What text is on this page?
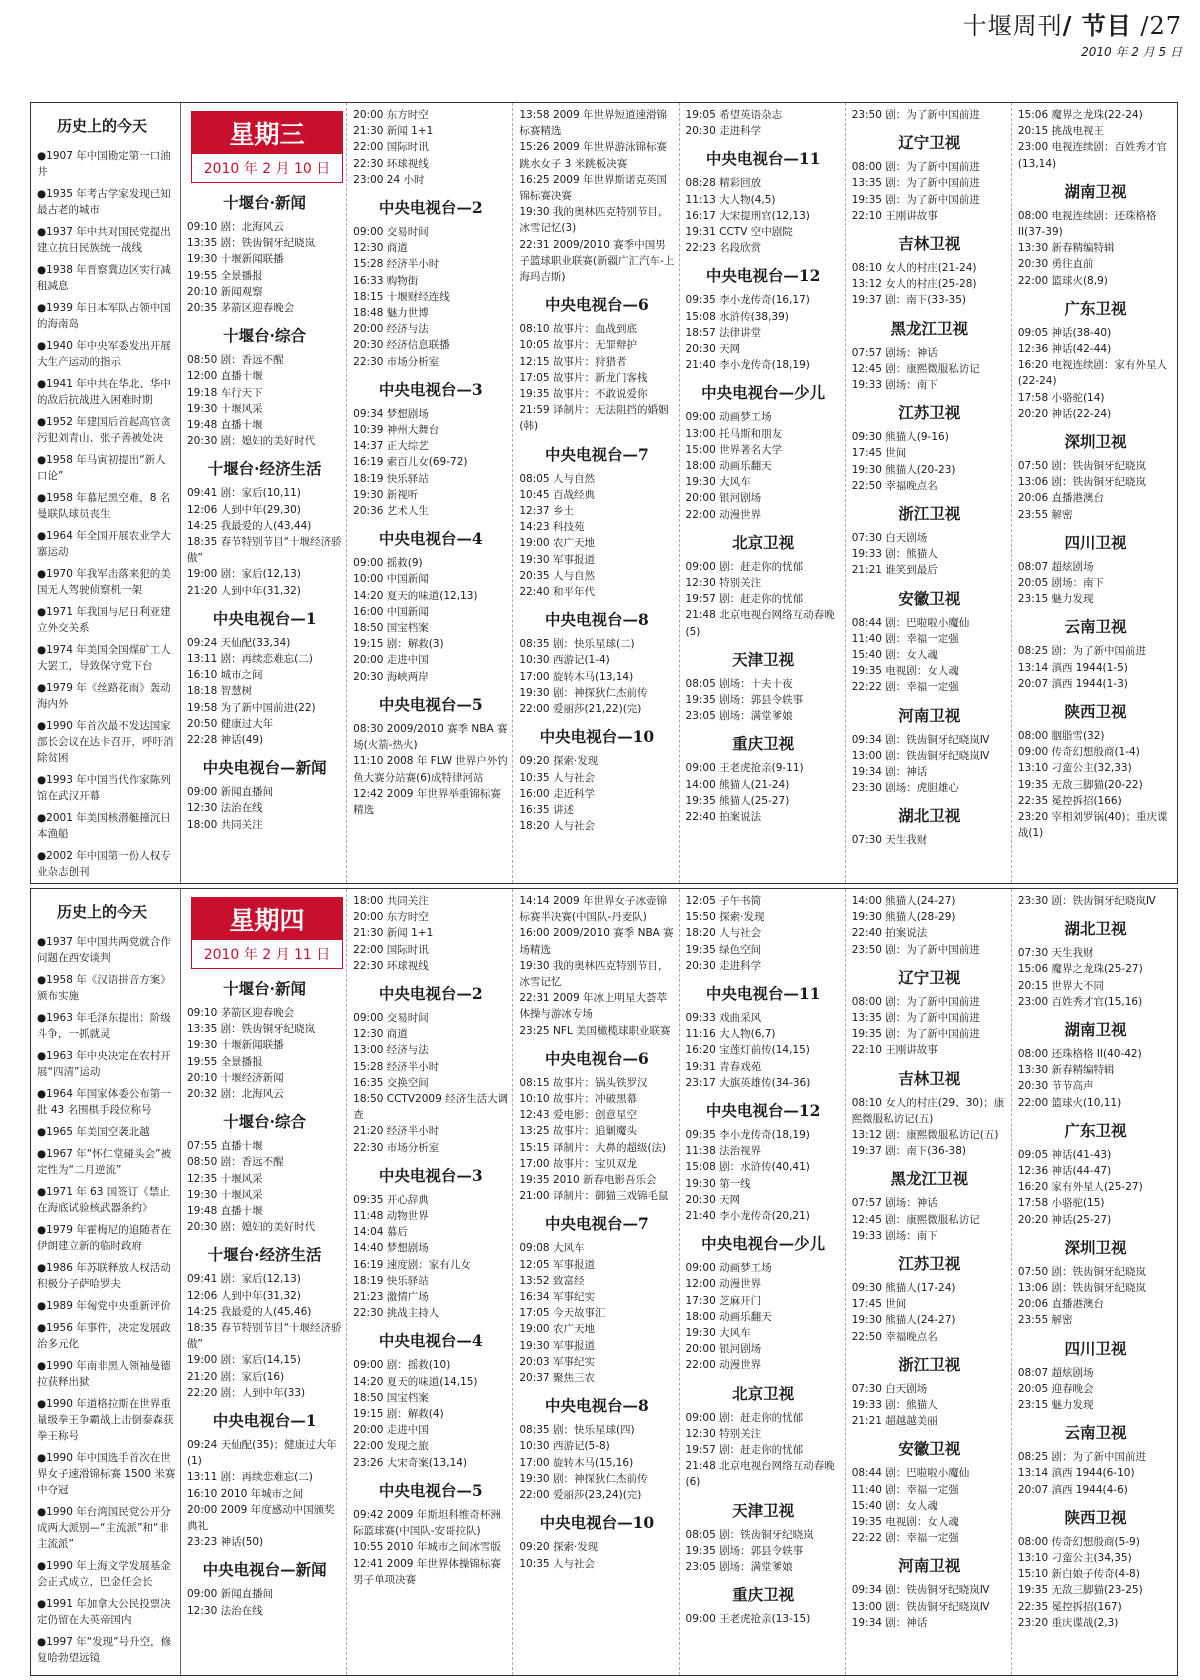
十堰周刊/ 节目 /27
2010 年 2 月 5 日
历史上的今天

●1907 年中国勘定第一口油井

●1935 年考古学家发现已知最古老的城市

●1937 年中共对国民党提出建立抗日民族统一战线

●1938 年晋察冀边区实行减租减息

●1939 年日本军队占领中国的海南岛

●1940 年中央军委发出开展大生产运动的指示

●1941 年中共在华北、华中的敌后抗战进入困难时期

●1952 年建国后首起高官贪污犯刘青山、张子善被处决

●1958 年马寅初提出“新人口论”

●1958 年慕尼黑空难，8 名曼联队球员丧生

●1964 年全国开展农业学大寨运动

●1970 年我军击落来犯的美国无人驾驶侦察机一架

●1971 年我国与尼日利亚建立外交关系

●1974 年美国全国煤矿工人大罢工，导致保守党下台

●1979 年《丝路花雨》轰动海内外

●1990 年首次最不发达国家部长会议在达卡召开，呼吁消除贫困

●1993 年中国当代作家陈列馆在武汉开幕

●2001 年美国核潜艇撞沉日本渔船

●2002 年中国第一份人权专业杂志创刊

星期三
2010 年 2 月 10 日
十堰台·新闻
09:10 剧：北海风云
13:35 剧：铁齿铜牙纪晓岚
19:30 十堰新闻联播
19:55 全景播报
20:10 新闻观察
20:35 茅箭区迎春晚会
十堰台·综合
08:50 剧：香远不醒
12:00 直播十堰
19:18 车行天下
19:30 十堰风采
19:48 直播十堰
20:30 剧：媳妇的美好时代
十堰台·经济生活
09:41 剧：家后(10,11)
12:06 人到中年(29,30)
14:25 我最爱的人(43,44)
18:35 春节特别节目“十堰经济骄傲”
19:00 剧：家后(12,13)
21:20 人到中年(31,32)
中央电视台—1
09:24 天仙配(33,34)
13:11 剧：再续恋难忘(二)
16:10 城市之间
18:18 智慧树
19:58 为了新中国前进(22)
20:50 健康过大年
22:28 神话(49)
中央电视台—新闻
09:00 新闻直播间
12:30 法治在线
18:00 共同关注
20:00 东方时空
21:30 新闻 1+1
22:00 国际时讯
22:30 环球视线
23:00 24 小时
中央电视台—2
09:00 交易时间
12:30 商道
15:28 经济半小时
16:33 购物街
18:15 十堰财经连线
18:48 魅力世博
20:00 经济与法
20:30 经济信息联播
22:30 市场分析室
中央电视台—3
09:34 梦想剧场
10:39 神州大舞台
14:37 正大综艺
16:19 索百儿女(69-72)
18:19 快乐驿站
19:30 新视听
20:36 艺术人生
中央电视台—4
09:00 摇救(9)
10:00 中国新闻
14:20 夏天的味道(12,13)
16:00 中国新闻
18:50 国宝档案
19:15 剧：解救(3)
20:00 走进中国
20:30 海峡两岸
中央电视台—5
08:30 2009/2010 赛季 NBA 赛场(火箭-热火)
11:10 2008 年 FLW 世界户外钓鱼大赛分站赛(6)成特律河站
12:42 2009 年世界举重锦标赛精选
13:58 2009 年世界短道速滑锦标赛精选
15:26 2009 年世界游泳锦标赛跳水女子 3 米跳板决赛
16:25 2009 年世界斯诺克英国锦标赛决赛
19:30 我的奥林匹克特别节目，冰雪记忆(3)
22:31 2009/2010 赛季中国男子篮球职业联赛(新疆广汇汽车-上海玛吉斯)
中央电视台—6
08:10 故事片：血战到底
10:05 故事片：无罪辩护
12:15 故事片：狩猎者
17:05 故事片：新龙门客栈
19:35 故事片：不敢说爱你
21:59 译制片：无法阻挡的婚姻(韩)
中央电视台—7
08:05 人与自然
10:45 百战经典
12:37 乡土
14:23 科技苑
19:00 农广天地
19:30 军事报道
20:35 人与自然
22:40 和平年代
中央电视台—8
08:35 剧：快乐星球(二)
10:30 西游记(1-4)
17:00 旋转木马(13,14)
19:30 剧：神探狄仁杰前传
22:00 爱丽莎(21,22)(完)
中央电视台—10
09:20 探索·发现
10:35 人与社会
16:00 走近科学
16:35 讲述
18:20 人与社会
19:05 希望英语杂志
20:30 走进科学
中央电视台—11
08:28 精彩回放
11:13 大人物(4,5)
16:17 大宋提刑官(12,13)
19:31 CCTV 空中剧院
22:23 名段欣赏
中央电视台—12
09:35 李小龙传奇(16,17)
15:08 水浒传(38,39)
18:57 法律讲堂
20:30 天网
21:40 李小龙传奇(18,19)
中央电视台—少儿
09:00 动画梦工场
13:00 托马斯和朋友
15:00 世界著名大学
18:00 动画乐翻天
19:30 大风车
20:00 银河剧场
22:00 动漫世界
北京卫视
09:00 剧：赶走你的忧郁
12:30 特别关注
19:57 剧：赶走你的忧郁
21:48 北京电视台网络互动春晚(5)
天津卫视
08:05 剧场：十夫十夜
19:35 剧场：郭县令轶事
23:05 剧场：满堂爹娘
重庆卫视
09:00 王老虎抢亲(9-11)
14:00 熊猫人(21-24)
19:35 熊猫人(25-27)
22:40 拍案说法
23:50 剧：为了新中国前进
辽宁卫视
08:00 剧：为了新中国前进
13:35 剧：为了新中国前进
19:35 剧：为了新中国前进
22:10 王刚讲故事
吉林卫视
08:10 女人的村庄(21-24)
13:12 女人的村庄(25-28)
19:37 剧：南下(33-35)
黑龙江卫视
07:57 剧场：神话
12:45 剧：康熙微服私访记
19:33 剧场：南下
江苏卫视
09:30 熊猫人(9-16)
17:45 世间
19:30 熊猫人(20-23)
22:50 幸福晚点名
浙江卫视
07:30 白天剧场
19:33 剧：熊猫人
21:21 谁笑到最后
安徽卫视
08:44 剧：巴啦啦小魔仙
11:40 剧：幸福一定强
15:40 剧：女人魂
19:35 电视剧：女人魂
22:22 剧：幸福一定强
河南卫视
09:34 剧：铁齿铜牙纪晓岚Ⅳ
13:00 剧：铁齿铜牙纪晓岚Ⅳ
19:34 剧：神话
23:30 剧场：虎胆雄心
湖北卫视
07:30 天生我财
15:06 魔界之龙珠(22-24)
20:15 挑战电视王
23:00 电视连续剧：百姓秀才官(13,14)
湖南卫视
08:00 电视连续剧：还珠格格 II(37-39)
13:30 新春精编特辑
20:30 勇往直前
22:00 篮球火(8,9)
广东卫视
09:05 神话(38-40)
12:36 神话(42-44)
16:20 电视连续剧：家有外星人(22-24)
17:58 小骆驼(14)
20:20 神话(22-24)
深圳卫视
07:50 剧：铁齿铜牙纪晓岚
13:06 剧：铁齿铜牙纪晓岚
20:06 直播港澳台
23:55 解密
四川卫视
08:07 超炫剧场
20:05 剧场：南下
23:15 魅力发现
云南卫视
08:25 剧：为了新中国前进
13:14 滇西 1944(1-5)
20:07 滇西 1944(1-3)
陕西卫视
08:00 胭脂雪(32)
09:00 传奇幻想殷商(1-4)
13:10 刁蛮公主(32,33)
19:35 无敌三脚猫(20-22)
22:35 冕控拆招(166)
23:20 宰相刘罗锅(40)；重庆谍战(1)
历史上的今天

●1937 年中国共两党就合作问题在西安谈判

●1958 年《汉语拼音方案》颁布实施

●1963 年毛泽东提出：阶级斗争，一抓就灵

●1963 年中央决定在农村开展“四清”运动

●1964 年国家体委公布第一批 43 名围棋手段位称号

●1965 年美国空袭北越

●1967 年“怀仁堂碰头会”被定性为“二月逆流”

●1971 年 63 国签订《禁止在海底试验核武器条约》

●1979 年霍梅尼的追随者在伊朗建立新的临时政府

●1986 年苏联释放人权活动积极分子萨哈罗夫

●1989 年匈党中央重新评价

●1956 年事件，决定发展政治多元化

●1990 年南非黑人领袖曼德拉获释出狱

●1990 年道格拉斯在世界重量级拳王争霸战上击倒泰森获拳王称号

●1990 年中国选手首次在世界女子速滑锦标赛 1500 米赛中夺冠

●1990 年台湾国民党公开分成两大派别—“主流派”和“非主流派”

●1990 年上海文学发展基金会正式成立，巴金任会长

●1991 年加拿大公民投票决定仍留在大英帝国内

●1997 年“发现”号升空，修复哈勃望远镜

星期四
2010 年 2 月 11 日
十堰台·新闻
09:10 茅箭区迎春晚会
13:35 剧：铁齿铜牙纪晓岚
19:30 十堰新闻联播
19:55 全景播报
20:10 十堰经济新闻
20:32 剧：北海风云
十堰台·综合
07:55 直播十堰
08:50 剧：香远不醒
12:35 十堰风采
19:30 十堰风采
19:48 直播十堰
20:30 剧：媳妇的美好时代
十堰台·经济生活
09:41 剧：家后(12,13)
12:06 人到中年(31,32)
14:25 我最爱的人(45,46)
18:35 春节特别节目“十堰经济骄傲”
19:00 剧：家后(14,15)
21:20 剧：家后(16)
22:20 剧：人到中年(33)
中央电视台—1
09:24 天仙配(35)；健康过大年(1)
13:11 剧：再续恋难忘(二)
16:10 2010 年城市之间
20:00 2009 年度感动中国颁奖典礼
23:23 神话(50)
中央电视台—新闻
09:00 新闻直播间
12:30 法治在线
18:00 共同关注
20:00 东方时空
21:30 新闻 1+1
22:00 国际时讯
22:30 环球视线
中央电视台—2
09:00 交易时间
12:30 商道
13:00 经济与法
15:28 经济半小时
16:35 交换空间
18:50 CCTV2009 经济生活大调查
21:20 经济半小时
22:30 市场分析室
中央电视台—3
09:35 开心辞典
11:48 动物世界
14:04 慕后
14:40 梦想剧场
16:19 速度剧：家有儿女
18:19 快乐驿站
21:23 激情广场
22:30 挑战主持人
中央电视台—4
09:00 剧：摇救(10)
14:20 夏天的味道(14,15)
18:50 国宝档案
19:15 剧：解救(4)
20:00 走进中国
22:00 发现之旅
23:26 大宋奇案(13,14)
中央电视台—5
09:42 2009 年斯坦科维奇杯洲际篮球赛(中国队-安哥拉队)
10:55 2010 年城市之间冰雪版
12:41 2009 年世界体操锦标赛男子单项决赛
14:14 2009 年世界女子冰壶锦标赛半决赛(中国队-丹麦队)
16:00 2009/2010 赛季 NBA 赛场精选
19:30 我的奥林匹克特别节目，冰雪记忆
22:31 2009 年冰上明星大荟萃体操与游冰专场
23:25 NFL 美国橄榄球职业联赛
中央电视台—6
08:15 故事片：锅头铁罗汉
10:10 故事片：冲破黑幕
12:43 爱电影：创意星空
13:25 故事片：追剿魔头
15:15 译制片：大鼻的超级(法)
17:00 故事片：宝贝双龙
19:35 2010 新春电影吾乐会
21:00 译制片：御猫三戏锦毛鼠
中央电视台—7
09:08 大风车
12:05 军事报道
13:52 致富经
16:34 军事纪实
17:05 今天故事汇
19:00 农广天地
19:30 军事报道
20:03 军事纪实
20:37 聚焦三农
中央电视台—8
08:35 剧：快乐星球(四)
10:30 西游记(5-8)
17:00 旋转木马(15,16)
19:30 剧：神探狄仁杰前传
22:00 爱丽莎(23,24)(完)
中央电视台—10
09:20 探索·发现
10:35 人与社会
12:05 子午书简
15:50 探索·发现
18:20 人与社会
19:35 绿色空间
20:30 走进科学
中央电视台—11
09:33 戏曲采风
11:16 大人物(6,7)
16:20 宝莲灯前传(14,15)
19:31 青春戏苑
23:17 大旗英雄传(34-36)
中央电视台—12
09:35 李小龙传奇(18,19)
11:38 法治视界
15:08 剧：水浒传(40,41)
19:30 第一线
20:30 天网
21:40 李小龙传奇(20,21)
中央电视台—少儿
09:00 动画梦工场
12:00 动漫世界
17:30 芝麻开门
18:00 动画乐翻天
19:30 大风车
20:00 银河剧场
22:00 动漫世界
北京卫视
09:00 剧：赶走你的忧郁
12:30 特别关注
19:57 剧：赶走你的忧郁
21:48 北京电视台网络互动春晚(6)
天津卫视
08:05 剧：铁齿铜牙纪晓岚
19:35 剧场：郭县令轶事
23:05 剧场：满堂爹娘
重庆卫视
09:00 王老虎抢亲(13-15)
14:00 熊猫人(24-27)
19:30 熊猫人(28-29)
22:40 拍案说法
23:50 剧：为了新中国前进
辽宁卫视
08:00 剧：为了新中国前进
13:35 剧：为了新中国前进
19:35 剧：为了新中国前进
22:10 王刚讲故事
吉林卫视
08:10 女人的村庄(29、30)；康熙微服私访记(五)
13:12 剧：康熙微服私访记(五)
19:37 剧：南下(36-38)
黑龙江卫视
07:57 剧场：神话
12:45 剧：康熙微服私访记
19:33 剧场：南下
江苏卫视
09:30 熊猫人(17-24)
17:45 世间
19:30 熊猫人(24-27)
22:50 幸福晚点名
浙江卫视
07:30 白天剧场
19:33 剧：熊猫人
21:21 超越越美丽
安徽卫视
08:44 剧：巴啦啦小魔仙
11:40 剧：幸福一定强
15:40 剧：女人魂
19:35 电视剧：女人魂
22:22 剧：幸福一定强
河南卫视
09:34 剧：铁齿铜牙纪晓岚Ⅳ
13:00 剧：铁齿铜牙纪晓岚Ⅳ
19:34 剧：神话
23:30 剧：铁齿铜牙纪晓岚Ⅳ
湖北卫视
07:30 天生我财
15:06 魔界之龙珠(25-27)
20:15 世界大不同
23:00 百姓秀才官(15,16)
湖南卫视
08:00 还珠格格 II(40-42)
13:30 新春精编特辑
20:30 节节高声
22:00 篮球火(10,11)
广东卫视
09:05 神话(41-43)
12:36 神话(44-47)
16:20 家有外星人(25-27)
17:58 小骆驼(15)
20:20 神话(25-27)
深圳卫视
07:50 剧：铁齿铜牙纪晓岚
13:06 剧：铁齿铜牙纪晓岚
20:06 直播港澳台
23:55 解密
四川卫视
08:07 超炫剧场
20:05 迎春晚会
23:15 魅力发现
云南卫视
08:25 剧：为了新中国前进
13:14 滇西 1944(6-10)
20:07 滇西 1944(4-6)
陕西卫视
08:00 传奇幻想殷商(5-9)
13:10 刁蛮公主(34,35)
15:10 新白娘子传奇(4-8)
19:35 无敌三脚猫(23-25)
22:35 冕控拆招(167)
23:20 重庆谍战(2,3)
